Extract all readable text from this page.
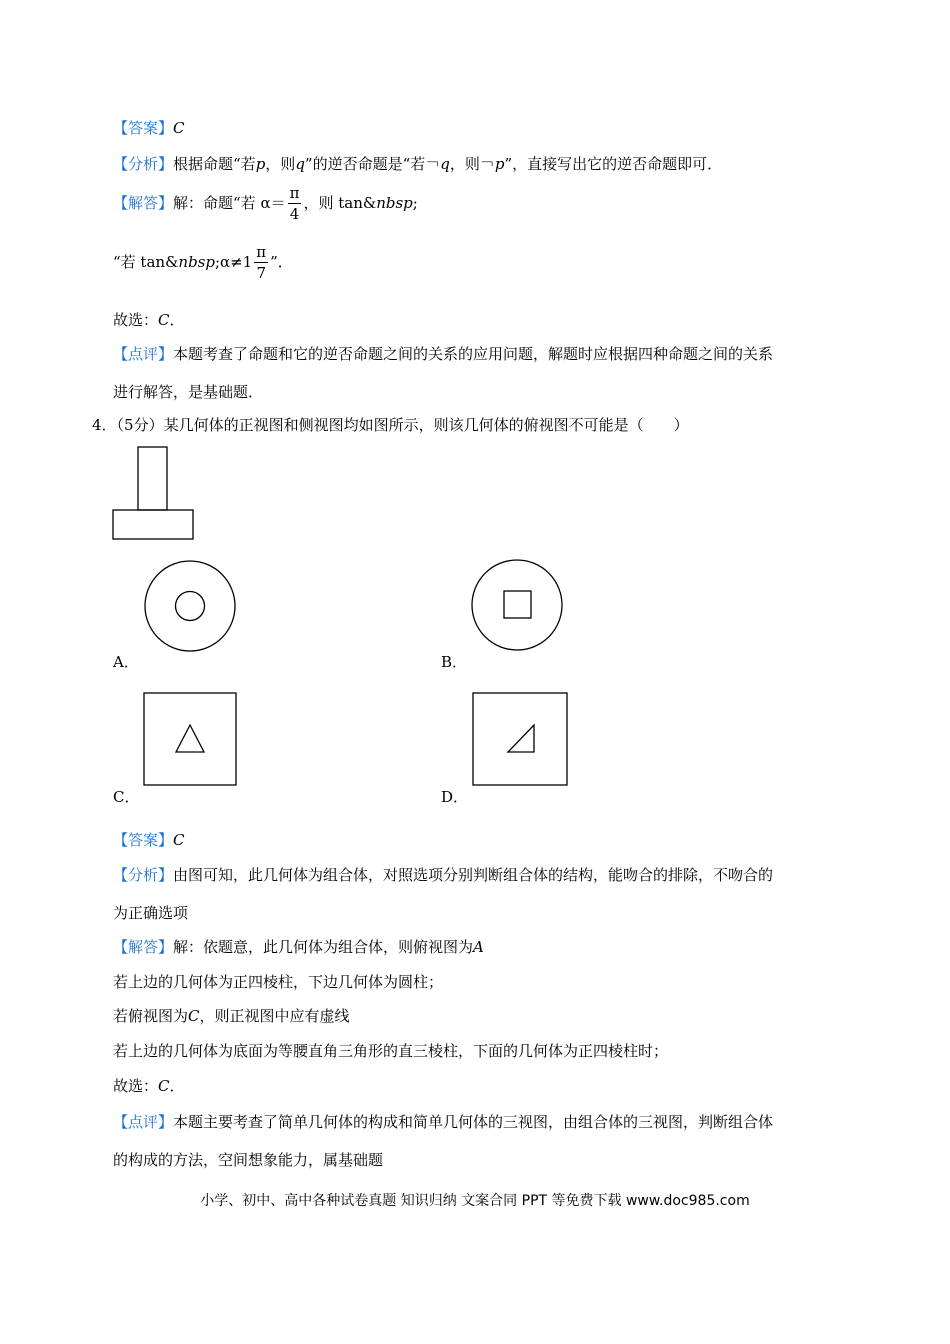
【答案】C
【分析】根据命题“若p，则q”的逆否命题是“若￢q，则￢p”，直接写出它的逆否命题即可．
【解答】解：命题“若 $\alpha= \frac{\pi}{4}$ ，则 tan&nbsp;
“若 tan&nbsp;α≠1 $\frac{\pi}{7}$ ”．
故选：C．
【点评】本题考查了命题和它的逆否命题之间的关系的应用问题，解题时应根据四种命题之间的关系
进行解答，是基础题．
4．（5分）某几何体的正视图和侧视图均如图所示，则该几何体的俯视图不可能是（　　）
A．	B．
C．	D．
【答案】C
【分析】由图可知，此几何体为组合体，对照选项分别判断组合体的结构，能吻合的排除，不吻合的
为正确选项
【解答】解：依题意，此几何体为组合体，则俯视图为A
若上边的几何体为正四棱柱，下边几何体为圆柱；
若俯视图为C，则正视图中应有虚线
若上边的几何体为底面为等腰直角三角形的直三棱柱，下面的几何体为正四棱柱时；
故选：C．
【点评】本题主要考查了简单几何体的构成和简单几何体的三视图，由组合体的三视图，判断组合体
的构成的方法，空间想象能力，属基础题
小学、初中、高中各种试卷真题 知识归纳 文案合同 PPT 等免费下载 www.doc985.com
